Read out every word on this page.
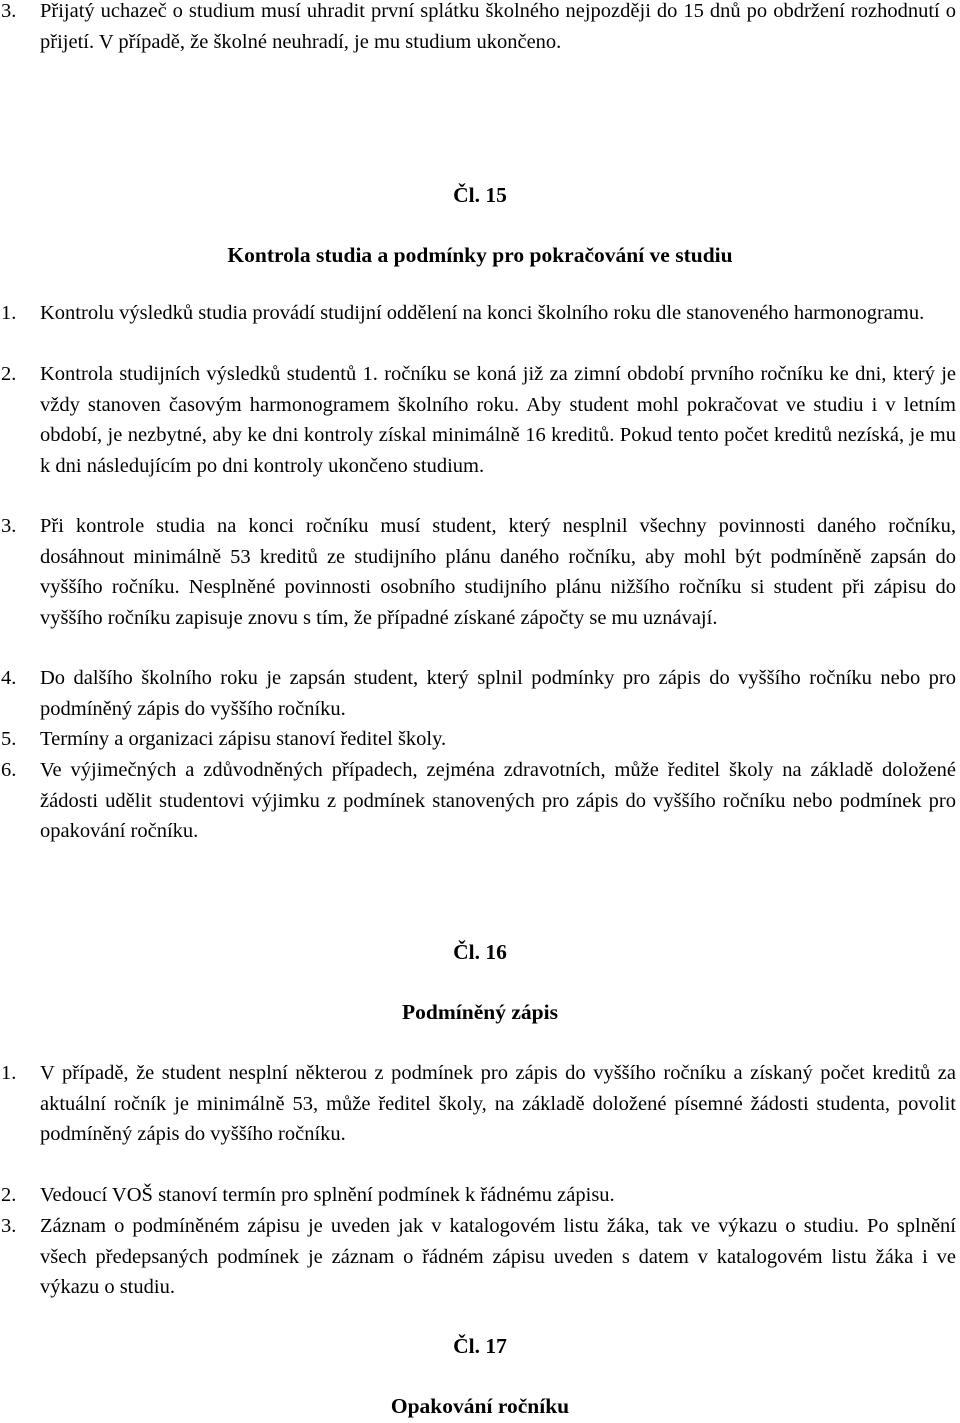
3. Přijatý uchazeč o studium musí uhradit první splátku školného nejpozději do 15 dnů po obdržení rozhodnutí o přijetí. V případě, že školné neuhradí, je mu studium ukončeno.
Čl. 15
Kontrola studia a podmínky pro pokračování ve studiu
1. Kontrolu výsledků studia provádí studijní oddělení na konci školního roku dle stanoveného harmonogramu.
2. Kontrola studijních výsledků studentů 1. ročníku se koná již za zimní období prvního ročníku ke dni, který je vždy stanoven časovým harmonogramem školního roku. Aby student mohl pokračovat ve studiu i v letním období, je nezbytné, aby ke dni kontroly získal minimálně 16 kreditů. Pokud tento počet kreditů nezíská, je mu k dni následujícím po dni kontroly ukončeno studium.
3. Při kontrole studia na konci ročníku musí student, který nesplnil všechny povinnosti daného ročníku, dosáhnout minimálně 53 kreditů ze studijního plánu daného ročníku, aby mohl být podmíněně zapsán do vyššího ročníku. Nesplněné povinnosti osobního studijního plánu nižšího ročníku si student při zápisu do vyššího ročníku zapisuje znovu s tím, že případné získané zápočty se mu uznávají.
4. Do dalšího školního roku je zapsán student, který splnil podmínky pro zápis do vyššího ročníku nebo pro podmíněný zápis do vyššího ročníku.
5. Termíny a organizaci zápisu stanoví ředitel školy.
6. Ve výjimečných a zdůvodněných případech, zejména zdravotních, může ředitel školy na základě doložené žádosti udělit studentovi výjimku z podmínek stanovených pro zápis do vyššího ročníku nebo podmínek pro opakování ročníku.
Čl. 16
Podmíněný zápis
1. V případě, že student nesplní některou z podmínek pro zápis do vyššího ročníku a získaný počet kreditů za aktuální ročník je minimálně 53, může ředitel školy, na základě doložené písemné žádosti studenta, povolit podmíněný zápis do vyššího ročníku.
2. Vedoucí VOŠ stanoví termín pro splnění podmínek k řádnému zápisu.
3. Záznam o podmíněném zápisu je uveden jak v katalogovém listu žáka, tak ve výkazu o studiu. Po splnění všech předepsaných podmínek je záznam o řádném zápisu uveden s datem v katalogovém listu žáka i ve výkazu o studiu.
Čl. 17
Opakování ročníku
